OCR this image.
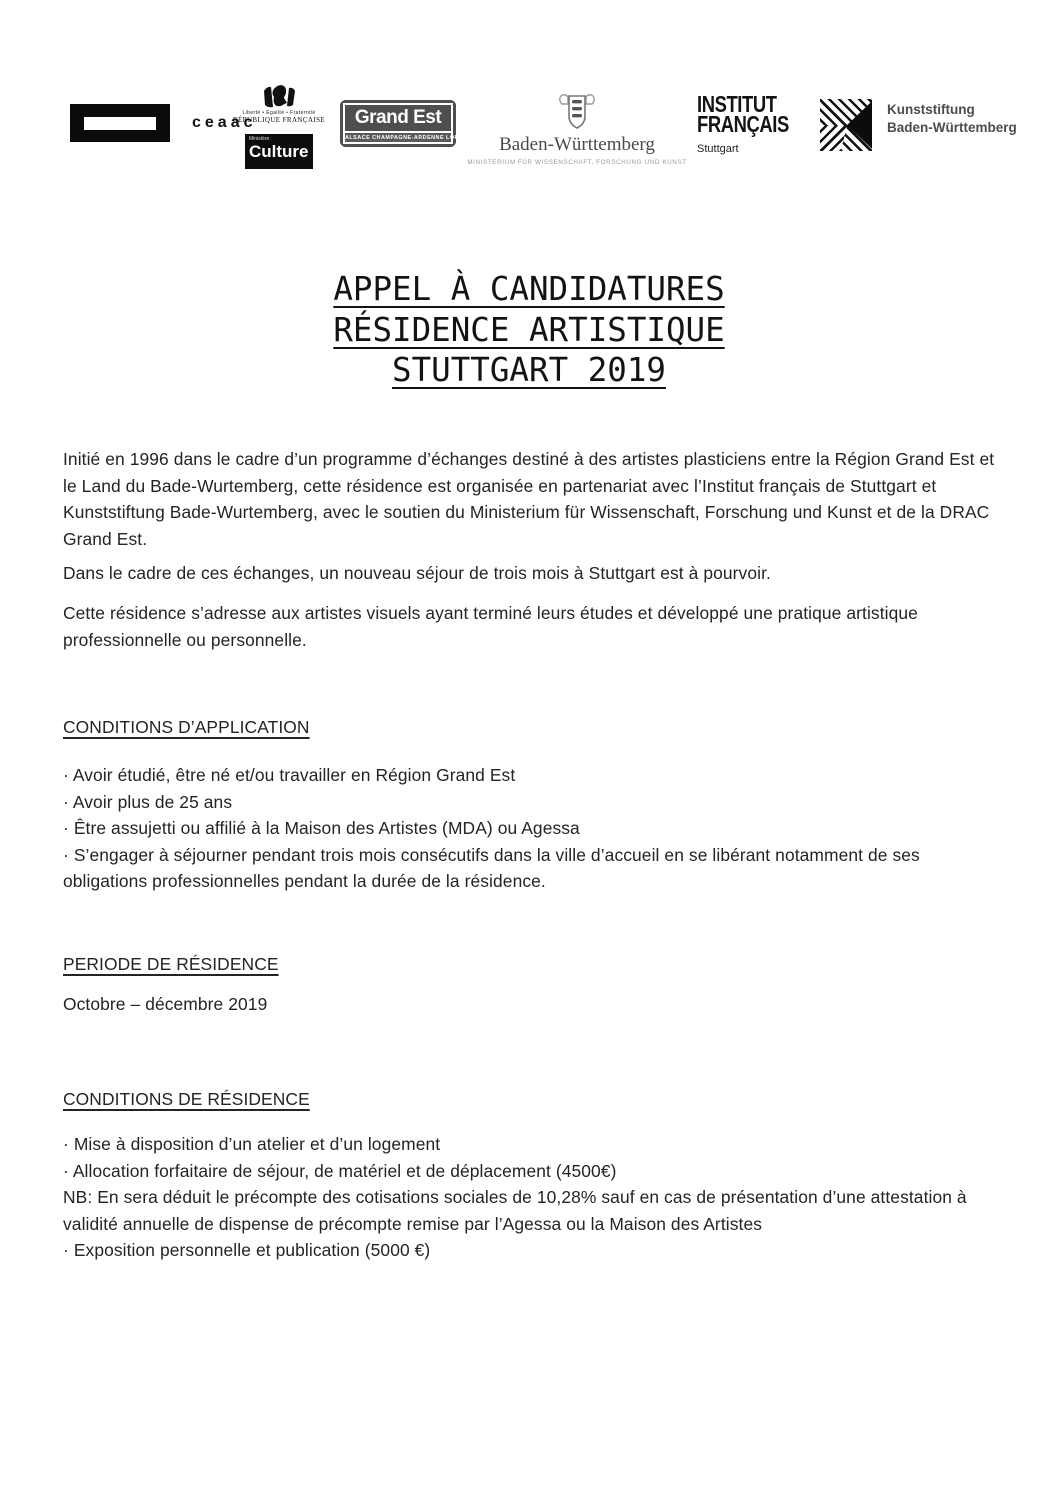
ceaac
Liberté • Égalité • Fraternité
RÉPUBLIQUE FRANÇAISE
Ministère
Culture
Grand Est
ALSACE CHAMPAGNE-ARDENNE LORRAINE Baden-Württemberg
MINISTERIUM FÜR WISSENSCHAFT, FORSCHUNG UND KUNST
INSTITUT
FRANÇAIS
Stuttgart
Kunststiftung
Baden-Württemberg
APPEL À CANDIDATURES
RÉSIDENCE ARTISTIQUE
STUTTGART 2019
Initié en 1996 dans le cadre d’un programme d’échanges destiné à des artistes plasticiens entre la Région Grand Est et le Land du Bade-Wurtemberg, cette résidence est organisée en partenariat avec l’Institut français de Stuttgart et Kunststiftung Bade-Wurtemberg, avec le soutien du Ministerium für Wissenschaft, Forschung und Kunst et de la DRAC Grand Est.
Dans le cadre de ces échanges, un nouveau séjour de trois mois à Stuttgart est à pourvoir.
Cette résidence s’adresse aux artistes visuels ayant terminé leurs études et développé une pratique artistique professionnelle ou personnelle.
CONDITIONS D’APPLICATION
· Avoir étudié, être né et/ou travailler en Région Grand Est
· Avoir plus de 25 ans
· Être assujetti ou affilié à la Maison des Artistes (MDA) ou Agessa
· S’engager à séjourner pendant trois mois consécutifs dans la ville d’accueil en se libérant notamment de ses obligations professionnelles pendant la durée de la résidence.
PERIODE DE RÉSIDENCE
Octobre – décembre 2019
CONDITIONS DE RÉSIDENCE
· Mise à disposition d’un atelier et d’un logement
· Allocation forfaitaire de séjour, de matériel et de déplacement (4500€)
NB: En sera déduit le précompte des cotisations sociales de 10,28% sauf en cas de présentation d’une attestation à validité annuelle de dispense de précompte remise par l’Agessa ou la Maison des Artistes
· Exposition personnelle et publication (5000 €)
